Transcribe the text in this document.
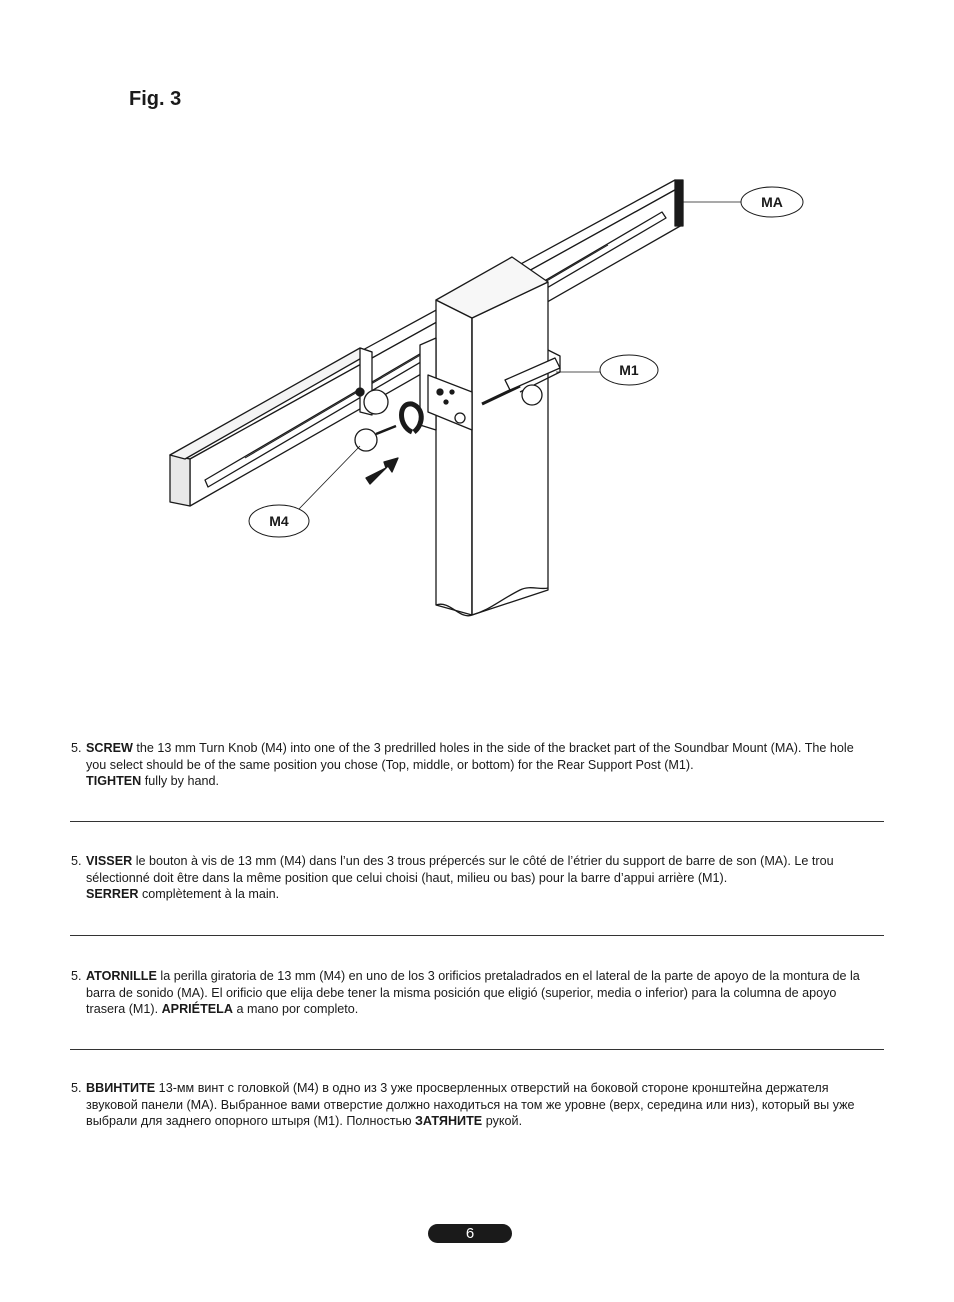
Fig. 3
MA
M1
M4
5. SCREW the 13 mm Turn Knob (M4) into one of the 3 predrilled holes in the side of the bracket part of the Soundbar Mount (MA). The hole you select should be of the same position you chose (Top, middle, or bottom) for the Rear Support Post (M1).
TIGHTEN fully by hand.
5. VISSER le bouton à vis de 13 mm (M4) dans l’un des 3 trous prépercés sur le côté de l’étrier du support de barre de son (MA). Le trou sélectionné doit être dans la même position que celui choisi (haut, milieu ou bas) pour la barre d’appui arrière (M1).
SERRER complètement à la main.
5. ATORNILLE la perilla giratoria de 13 mm (M4) en uno de los 3 orificios pretaladrados en el lateral de la parte de apoyo de la montura de la barra de sonido (MA). El orificio que elija debe tener la misma posición que eligió (superior, media o inferior) para la columna de apoyo trasera (M1). APRIÉTELA a mano por completo.
5. ВВИНТИТЕ 13-мм винт с головкой (M4) в одно из 3 уже просверленных отверстий на боковой стороне кронштейна держателя звуковой панели (MA). Выбранное вами отверстие должно находиться на том же уровне (верх, середина или низ), который вы уже выбрали для заднего опорного штыря (M1). Полностью ЗАТЯНИТЕ рукой.
6
